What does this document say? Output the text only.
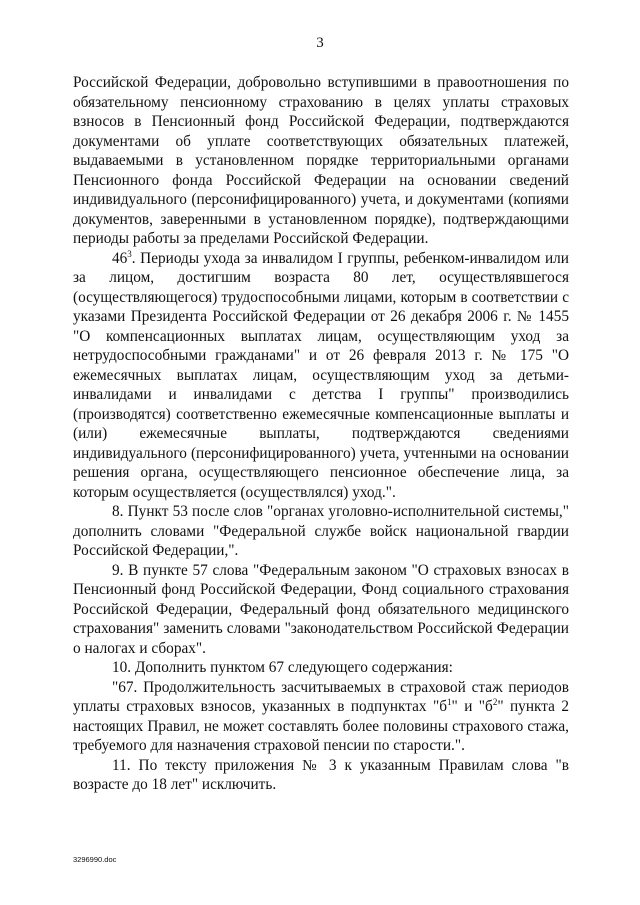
3

Российской Федерации, добровольно вступившими в правоотношения по обязательному пенсионному страхованию в целях уплаты страховых взносов в Пенсионный фонд Российской Федерации, подтверждаются документами об уплате соответствующих обязательных платежей, выдаваемыми в установленном порядке территориальными органами Пенсионного фонда Российской Федерации на основании сведений индивидуального (персонифицированного) учета, и документами (копиями документов, заверенными в установленном порядке), подтверждающими периоды работы за пределами Российской Федерации.

$46^3$. Периоды ухода за инвалидом I группы, ребенком-инвалидом или за лицом, достигшим возраста 80 лет, осуществлявшегося (осуществляющегося) трудоспособными лицами, которым в соответствии с указами Президента Российской Федерации от 26 декабря 2006 г. № 1455 "О компенсационных выплатах лицам, осуществляющим уход за нетрудоспособными гражданами" и от 26 февраля 2013 г. № 175 "О ежемесячных выплатах лицам, осуществляющим уход за детьми-инвалидами и инвалидами с детства I группы" производились (производятся) соответственно ежемесячные компенсационные выплаты и (или) ежемесячные выплаты, подтверждаются сведениями индивидуального (персонифицированного) учета, учтенными на основании решения органа, осуществляющего пенсионное обеспечение лица, за которым осуществляется (осуществлялся) уход.".

8. Пункт 53 после слов "органах уголовно-исполнительной системы," дополнить словами "Федеральной службе войск национальной гвардии Российской Федерации,".

9. В пункте 57 слова "Федеральным законом "О страховых взносах в Пенсионный фонд Российской Федерации, Фонд социального страхования Российской Федерации, Федеральный фонд обязательного медицинского страхования" заменить словами "законодательством Российской Федерации о налогах и сборах".

10. Дополнить пунктом 67 следующего содержания:

"67. Продолжительность засчитываемых в страховой стаж периодов уплаты страховых взносов, указанных в подпунктах "$б^1$" и "$б^2$" пункта 2 настоящих Правил, не может составлять более половины страхового стажа, требуемого для назначения страховой пенсии по старости.".

11. По тексту приложения № 3 к указанным Правилам слова "в возрасте до 18 лет" исключить.

3296990.doc
